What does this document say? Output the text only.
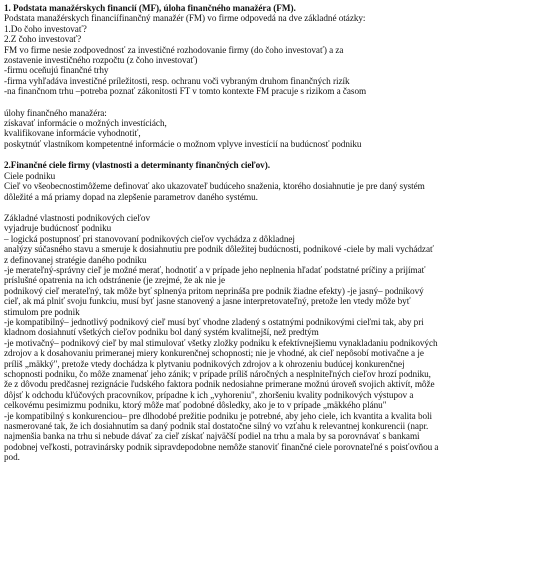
1. Podstata manažérskych financií (MF), úloha finančného manažéra (FM).
Podstata manažérskych financiífinančný manažér (FM) vo firme odpovedá na dve základné otázky:
1.Do čoho investovať?
2.Z čoho investovať?
FM vo firme nesie zodpovednosť za investičné rozhodovanie firmy (do čoho investovať) a za
zostavenie investičného rozpočtu (z čoho investovať)
-firmu oceňujú finančné trhy
-firma vyhľadáva investičné príležitosti, resp. ochranu voči vybraným druhom finančných rizík
-na finančnom trhu –potreba poznať zákonitosti FT v tomto kontexte FM pracuje s rizikom a časom
úlohy finančného manažéra:
získavať informácie o možných investíciách,
kvalifikovane informácie vyhodnotiť,
poskytnúť vlastníkom kompetentné informácie o možnom vplyve investícií na budúcnosť podniku
2.Finančné ciele firmy (vlastnosti a determinanty finančných cieľov).
Ciele podniku
Cieľ vo všeobecnostimôžeme definovať ako ukazovateľ budúceho snaženia, ktorého dosiahnutie je pre daný systém
dôležité a má priamy dopad na zlepšenie parametrov daného systému.
Základné vlastnosti podnikových cieľov
vyjadruje budúcnosť podniku
– logická postupnosť pri stanovovaní podnikových cieľov vychádza z dôkladnej
analýzy súčasného stavu a smeruje k dosiahnutiu pre podnik dôležitej budúcnosti, podnikové -ciele by mali vychádzať
z definovanej stratégie daného podniku
-je merateľný-správny cieľ je možné merať, hodnotiť a v prípade jeho neplnenia hľadať podstatné príčiny a prijímať
príslušné opatrenia na ich odstránenie (je zrejmé, že ak nie je
podnikový cieľ merateľný, tak môže byť splnenýa pritom neprináša pre podnik žiadne efekty) -je jasný– podnikový
cieľ, ak má plniť svoju funkciu, musí byť jasne stanovený a jasne interpretovateľný, pretože len vtedy môže byť
stimulom pre podnik
-je kompatibilný– jednotlivý podnikový cieľ musí byť vhodne zladený s ostatnými podnikovými cieľmi tak, aby pri
kladnom dosiahnutí všetkých cieľov podniku bol daný systém kvalitnejší, než predtým
-je motivačný– podnikový cieľ by mal stimulovať všetky zložky podniku k efektívnejšiemu vynakladaniu podnikových
zdrojov a k dosahovaniu primeranej miery konkurenčnej schopnosti; nie je vhodné, ak cieľ nepôsobí motivačne a je
príliš „mäkký", pretože vtedy dochádza k plytvaniu podnikových zdrojov a k ohrozeniu budúcej konkurenčnej
schopnosti podniku, čo môže znamenať jeho zánik; v prípade príliš náročných a nesplniteľných cieľov hrozí podniku,
že z dôvodu predčasnej rezignácie ľudského faktora podnik nedosiahne primerane možnú úroveň svojich aktivít, môže
dôjsť k odchodu kľúčových pracovníkov, prípadne k ich „vyhoreniu", zhoršeniu kvality podnikových výstupov a
celkovému pesimizmu podniku, ktorý môže mať podobné dôsledky, ako je to v prípade „mäkkého plánu"
-je kompatibilný s konkurenciou– pre dlhodobé prežitie podniku je potrebné, aby jeho ciele, ich kvantita a kvalita boli
nasmerované tak, že ich dosiahnutím sa daný podnik stal dostatočne silný vo vzťahu k relevantnej konkurencii (napr.
najmenšia banka na trhu si nebude dávať za cieľ získať najväčší podiel na trhu a mala by sa porovnávať s bankami
podobnej veľkosti, potravinársky podnik sipravdepodobne nemôže stanoviť finančné ciele porovnateľné s poisťovňou a
pod.
